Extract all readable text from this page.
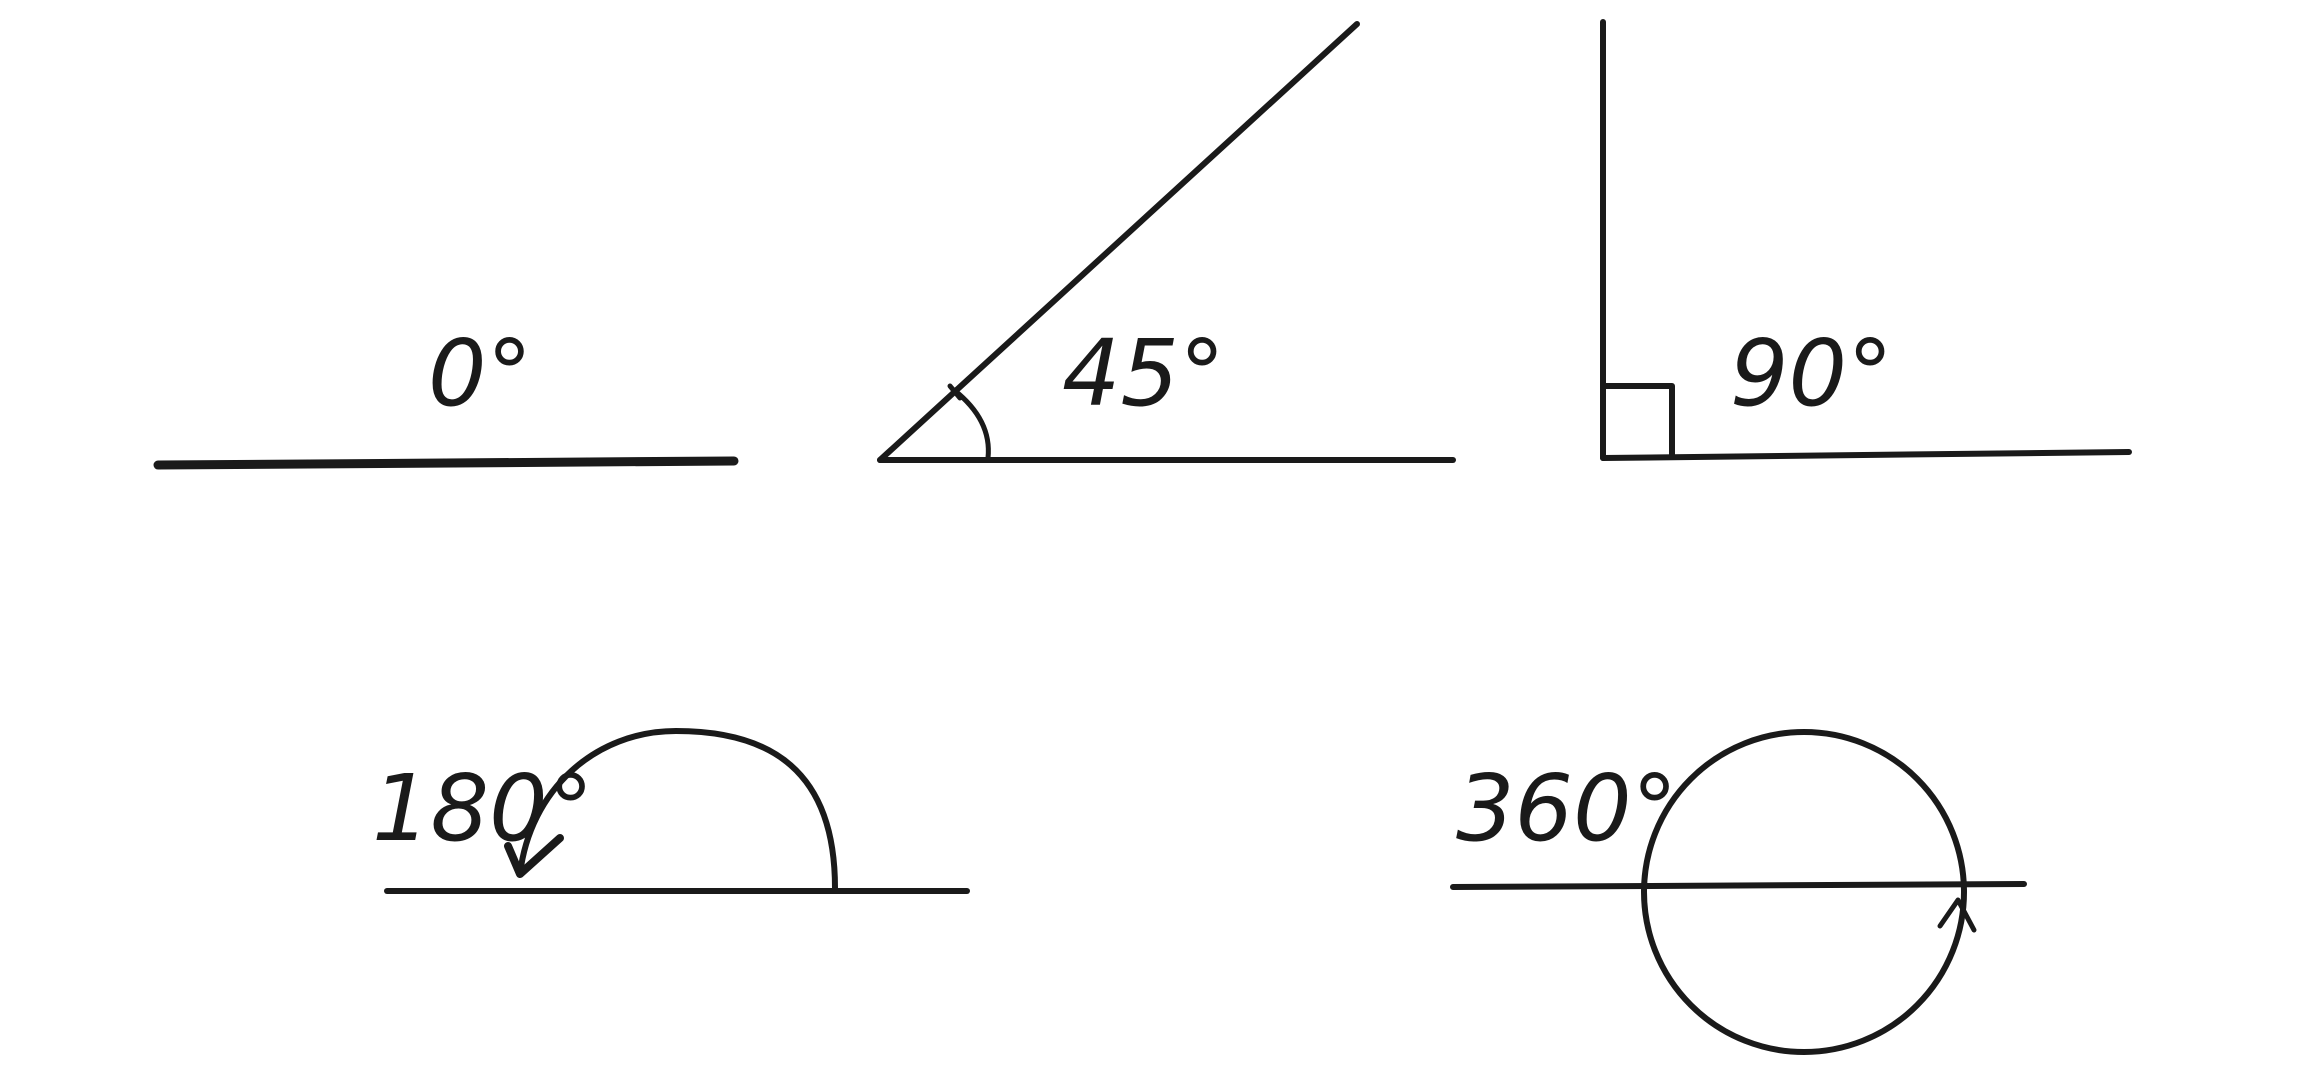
0°	45°	90°
180°	360°
